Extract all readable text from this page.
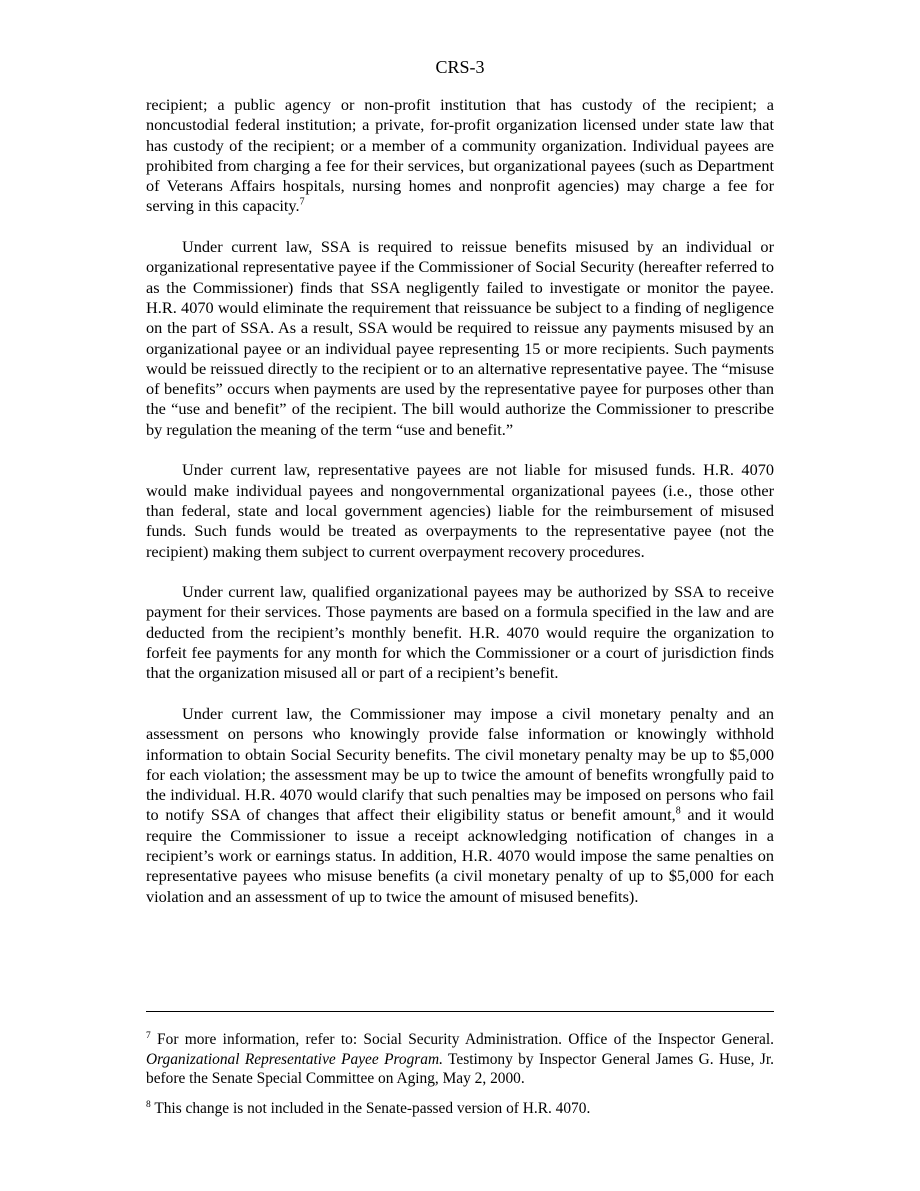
CRS-3

recipient; a public agency or non-profit institution that has custody of the recipient; a noncustodial federal institution; a private, for-profit organization licensed under state law that has custody of the recipient; or a member of a community organization. Individual payees are prohibited from charging a fee for their services, but organizational payees (such as Department of Veterans Affairs hospitals, nursing homes and nonprofit agencies) may charge a fee for serving in this capacity.$^7$

Under current law, SSA is required to reissue benefits misused by an individual or organizational representative payee if the Commissioner of Social Security (hereafter referred to as the Commissioner) finds that SSA negligently failed to investigate or monitor the payee. H.R. 4070 would eliminate the requirement that reissuance be subject to a finding of negligence on the part of SSA. As a result, SSA would be required to reissue any payments misused by an organizational payee or an individual payee representing 15 or more recipients. Such payments would be reissued directly to the recipient or to an alternative representative payee. The “misuse of benefits” occurs when payments are used by the representative payee for purposes other than the “use and benefit” of the recipient. The bill would authorize the Commissioner to prescribe by regulation the meaning of the term “use and benefit.”

Under current law, representative payees are not liable for misused funds. H.R. 4070 would make individual payees and nongovernmental organizational payees (i.e., those other than federal, state and local government agencies) liable for the reimbursement of misused funds. Such funds would be treated as overpayments to the representative payee (not the recipient) making them subject to current overpayment recovery procedures.

Under current law, qualified organizational payees may be authorized by SSA to receive payment for their services. Those payments are based on a formula specified in the law and are deducted from the recipient’s monthly benefit. H.R. 4070 would require the organization to forfeit fee payments for any month for which the Commissioner or a court of jurisdiction finds that the organization misused all or part of a recipient’s benefit.

Under current law, the Commissioner may impose a civil monetary penalty and an assessment on persons who knowingly provide false information or knowingly withhold information to obtain Social Security benefits. The civil monetary penalty may be up to $5,000 for each violation; the assessment may be up to twice the amount of benefits wrongfully paid to the individual. H.R. 4070 would clarify that such penalties may be imposed on persons who fail to notify SSA of changes that affect their eligibility status or benefit amount,$^8$ and it would require the Commissioner to issue a receipt acknowledging notification of changes in a recipient’s work or earnings status. In addition, H.R. 4070 would impose the same penalties on representative payees who misuse benefits (a civil monetary penalty of up to $5,000 for each violation and an assessment of up to twice the amount of misused benefits).

$^7$ For more information, refer to: Social Security Administration. Office of the Inspector General. Organizational Representative Payee Program. Testimony by Inspector General James G. Huse, Jr. before the Senate Special Committee on Aging, May 2, 2000.

$^8$ This change is not included in the Senate-passed version of H.R. 4070.
